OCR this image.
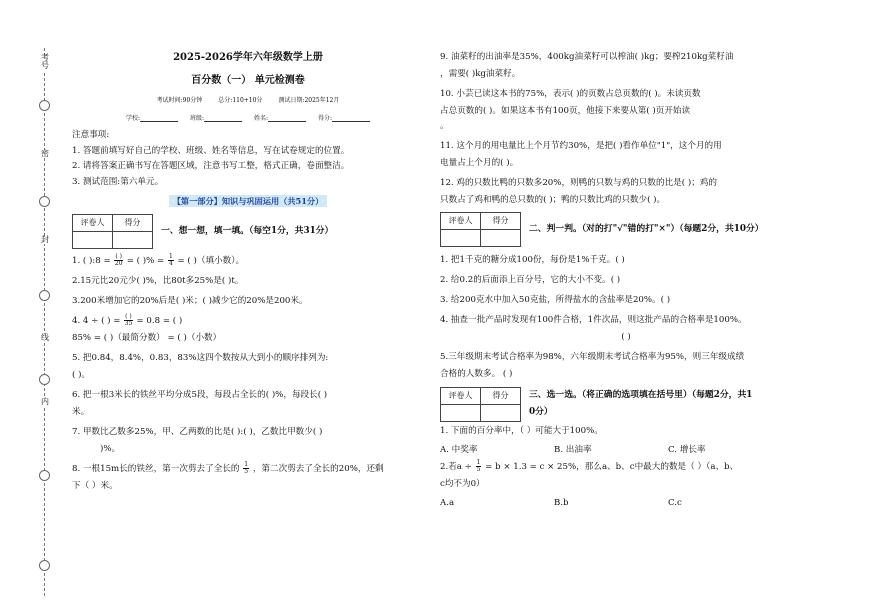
考号
密
封
线
内
2025-2026学年六年级数学上册
百分数（一） 单元检测卷
考试时间:90分钟	总分:110+10分	测试日期:2025年12月
学校:	班级:	姓名:	得分:
注意事项:
1. 答题前填写好自己的学校、班级、姓名等信息，写在试卷规定的位置。
2. 请将答案正确书写在答题区域，注意书写工整，格式正确，卷面整洁。
3. 测试范围:第六单元。
【第一部分】知识与巩固运用（共51分）
评卷人	得分

一、想一想，填一填。（每空1分，共31分）
1. ( ):8 = $\frac{( )}{20}$ = ( )% = $\frac{1}{4}$ = ( )（填小数）。
2.15元比20元少( )%，比80t多25%是( )t。
3.200米增加它的20%后是( )米；( )减少它的20%是200米。
4. 4 ÷ ( ) = $\frac{( )}{35} = 0.8$ = ( )
85% = ( )（最简分数） = ( )（小数）
5. 把0.84，8.4%，0.83，83%这四个数按从大到小的顺序排列为:
( )。
6. 把一根3米长的铁丝平均分成5段，每段占全长的( )%，每段长( )
米。
7. 甲数比乙数多25%，甲、乙两数的比是( ):( )，乙数比甲数少( )
)%。
8. 一根15m长的铁丝，第一次剪去了全长的 $\frac{1}{5}$ ，第二次剪去了全长的20%，还剩
下（ ）米。
9. 油菜籽的出油率是35%，400kg油菜籽可以榨油( )kg；要榨210kg菜籽油
，需要( )kg油菜籽。
10. 小芸已读这本书的75%，表示( )的页数占总页数的( )。未读页数
占总页数的( )。如果这本书有100页，他接下来要从第( )页开始读
。
11. 这个月的用电量比上个月节约30%，是把( )看作单位"1"，这个月的用
电量占上个月的( )。
12. 鸡的只数比鸭的只数多20%，则鸭的只数与鸡的只数的比是( )；鸡的
只数占了鸡和鸭的总只数的( )；鸭的只数比鸡的只数少( )。
评卷人	得分

二、判一判。（对的打"√"错的打"×"）（每题2分，共10分）
1. 把1千克的糖分成100份，每份是1%千克。( )
2. 给0.2的后面添上百分号，它的大小不变。( )
3. 给200克水中加入50克盐，所得盐水的含盐率是20%。( )
4. 抽查一批产品时发现有100件合格，1件次品，则这批产品的合格率是100%。
( )
5.三年级期末考试合格率为98%，六年级期末考试合格率为95%，则三年级成绩
合格的人数多。 ( )
评卷人	得分
	三、选一选。（将正确的选项填在括号里）（每题2分，共1
0分）
1. 下面的百分率中，（ ）可能大于100%。
A. 中奖率	B. 出油率	C. 增长率
2.若$a \div \frac{1}{5} = b \times 1.3 = c \times 25\%$，那么a、b、c中最大的数是（ ）（a、b、
c均不为0）
A.a	B.b	C.c
